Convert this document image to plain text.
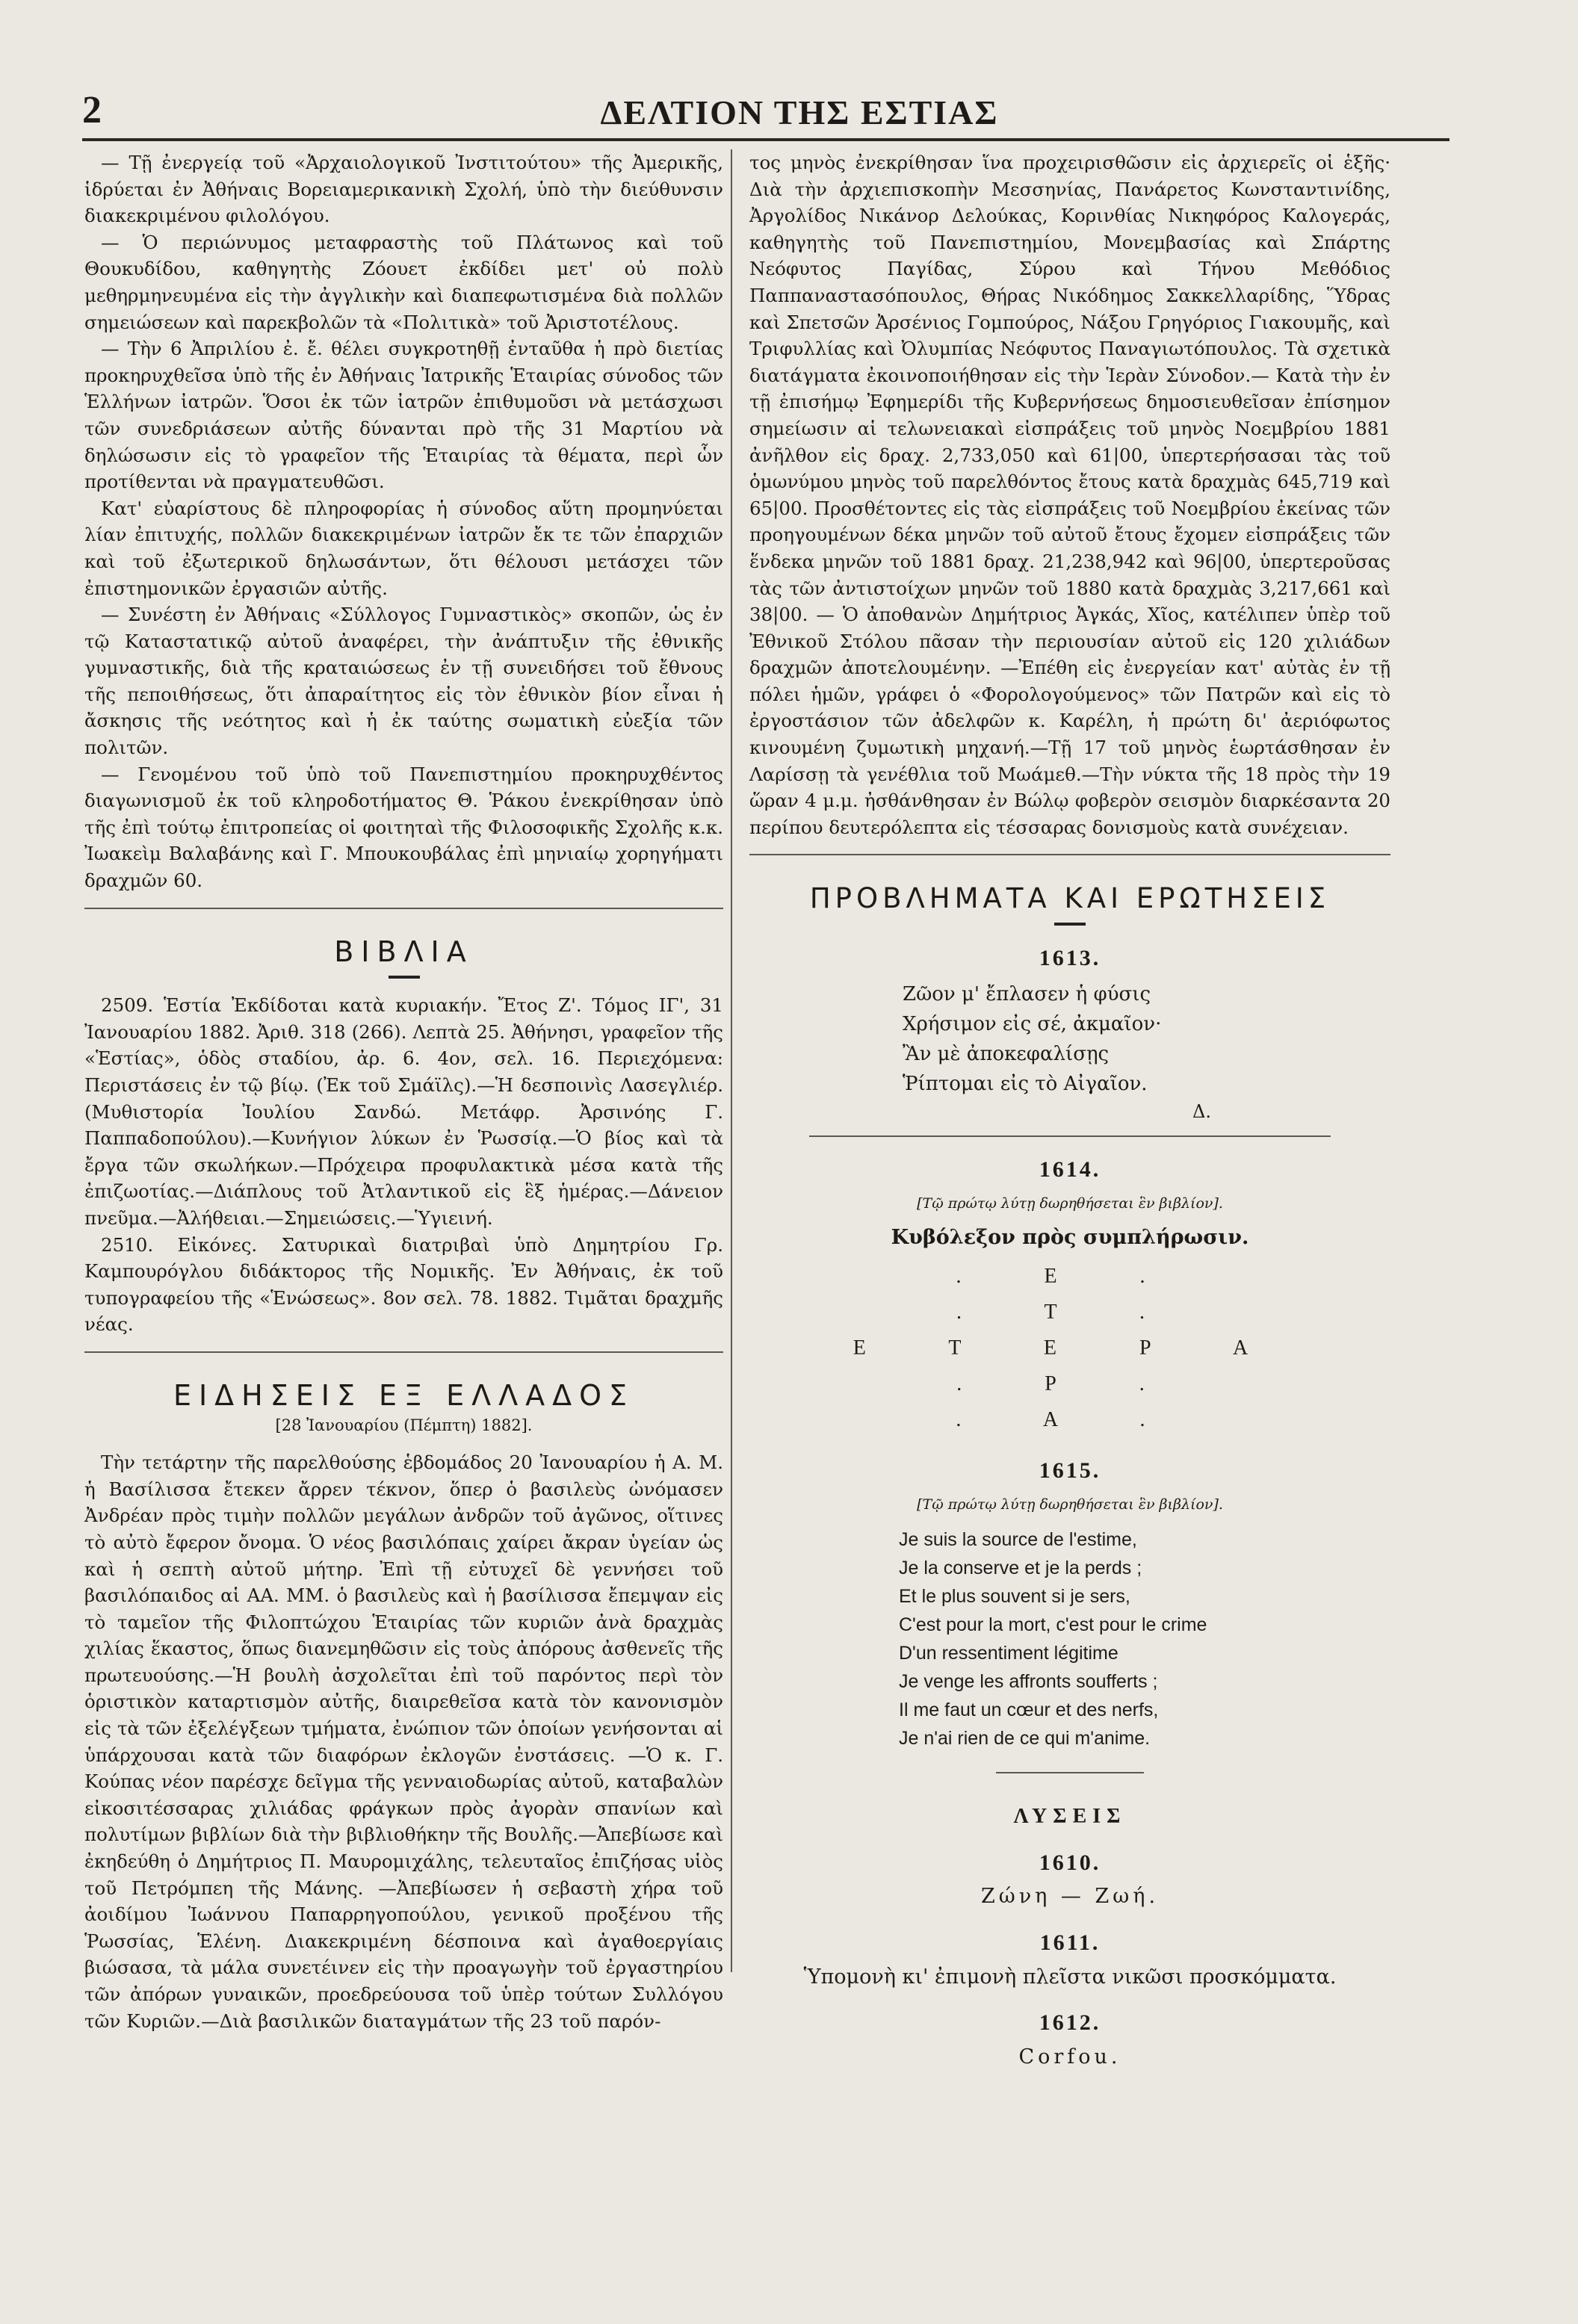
2	ΔΕΛΤΙΟΝ ΤΗΣ ΕΣΤΙΑΣ

— Τῇ ἐνεργείᾳ τοῦ «Ἀρχαιολογικοῦ Ἰνστιτούτου» τῆς Ἀμερικῆς, ἱδρύεται ἐν Ἀθήναις Βορειαμερικανικὴ Σχολή, ὑπὸ τὴν διεύθυνσιν διακεκριμένου φιλολόγου.

— Ὁ περιώνυμος μεταφραστὴς τοῦ Πλάτωνος καὶ τοῦ Θουκυδίδου, καθηγητὴς Ζόουετ ἐκδίδει μετ' οὐ πολὺ μεθηρμηνευμένα εἰς τὴν ἀγγλικὴν καὶ διαπεφωτισμένα διὰ πολλῶν σημειώσεων καὶ παρεκβολῶν τὰ «Πολιτικὰ» τοῦ Ἀριστοτέλους.

— Τὴν 6 Ἀπριλίου ἐ. ἔ. θέλει συγκροτηθῇ ἐνταῦθα ἡ πρὸ διετίας προκηρυχθεῖσα ὑπὸ τῆς ἐν Ἀθήναις Ἰατρικῆς Ἑταιρίας σύνοδος τῶν Ἑλλήνων ἰατρῶν. Ὅσοι ἐκ τῶν ἰατρῶν ἐπιθυμοῦσι νὰ μετάσχωσι τῶν συνεδριάσεων αὐτῆς δύνανται πρὸ τῆς 31 Μαρτίου νὰ δηλώσωσιν εἰς τὸ γραφεῖον τῆς Ἑταιρίας τὰ θέματα, περὶ ὧν προτίθενται νὰ πραγματευθῶσι.

Κατ' εὐαρίστους δὲ πληροφορίας ἡ σύνοδος αὕτη προμηνύεται λίαν ἐπιτυχής, πολλῶν διακεκριμένων ἰατρῶν ἔκ τε τῶν ἐπαρχιῶν καὶ τοῦ ἐξωτερικοῦ δηλωσάντων, ὅτι θέλουσι μετάσχει τῶν ἐπιστημονικῶν ἐργασιῶν αὐτῆς.

— Συνέστη ἐν Ἀθήναις «Σύλλογος Γυμναστικὸς» σκοπῶν, ὡς ἐν τῷ Καταστατικῷ αὐτοῦ ἀναφέρει, τὴν ἀνάπτυξιν τῆς ἐθνικῆς γυμναστικῆς, διὰ τῆς κραταιώσεως ἐν τῇ συνειδήσει τοῦ ἔθνους τῆς πεποιθήσεως, ὅτι ἀπαραίτητος εἰς τὸν ἐθνικὸν βίον εἶναι ἡ ἄσκησις τῆς νεότητος καὶ ἡ ἐκ ταύτης σωματικὴ εὐεξία τῶν πολιτῶν.

— Γενομένου τοῦ ὑπὸ τοῦ Πανεπιστημίου προκηρυχθέντος διαγωνισμοῦ ἐκ τοῦ κληροδοτήματος Θ. Ῥάκου ἐνεκρίθησαν ὑπὸ τῆς ἐπὶ τούτῳ ἐπιτροπείας οἱ φοιτηταὶ τῆς Φιλοσοφικῆς Σχολῆς κ.κ. Ἰωακεὶμ Βαλαβάνης καὶ Γ. Μπουκουβάλας ἐπὶ μηνιαίῳ χορηγήματι δραχμῶν 60.

ΒΙΒΛΙΑ

2509. Ἑστία Ἐκδίδοται κατὰ κυριακήν. Ἔτος Ζ'. Τόμος ΙΓ', 31 Ἰανουαρίου 1882. Ἀριθ. 318 (266). Λεπτὰ 25. Ἀθήνησι, γραφεῖον τῆς «Ἑστίας», ὁδὸς σταδίου, ἀρ. 6. 4ον, σελ. 16. Περιεχόμενα: Περιστάσεις ἐν τῷ βίῳ. (Ἐκ τοῦ Σμάϊλς).—Ἡ δεσποινὶς Λασεγλιέρ. (Μυθιστορία Ἰουλίου Σανδώ. Μετάφρ. Ἀρσινόης Γ. Παππαδοπούλου).—Κυνήγιον λύκων ἐν Ῥωσσίᾳ.—Ὁ βίος καὶ τὰ ἔργα τῶν σκωλήκων.—Πρόχειρα προφυλακτικὰ μέσα κατὰ τῆς ἐπιζωοτίας.—Διάπλους τοῦ Ἀτλαντικοῦ εἰς ἓξ ἡμέρας.—Δάνειον πνεῦμα.—Ἀλήθειαι.—Σημειώσεις.—Ὑγιεινή.

2510. Εἰκόνες. Σατυρικαὶ διατριβαὶ ὑπὸ Δημητρίου Γρ. Καμπουρόγλου διδάκτορος τῆς Νομικῆς. Ἐν Ἀθήναις, ἐκ τοῦ τυπογραφείου τῆς «Ἑνώσεως». 8ον σελ. 78. 1882. Τιμᾶται δραχμῆς νέας.

ΕΙΔΗΣΕΙΣ ΕΞ ΕΛΛΑΔΟΣ
[28 Ἰανουαρίου (Πέμπτη) 1882].

Τὴν τετάρτην τῆς παρελθούσης ἑβδομάδος 20 Ἰανουαρίου ἡ Α. Μ. ἡ Βασίλισσα ἔτεκεν ἄρρεν τέκνον, ὅπερ ὁ βασιλεὺς ὠνόμασεν Ἀνδρέαν πρὸς τιμὴν πολλῶν μεγάλων ἀνδρῶν τοῦ ἀγῶνος, οἵτινες τὸ αὐτὸ ἔφερον ὄνομα. Ὁ νέος βασιλόπαις χαίρει ἄκραν ὑγείαν ὡς καὶ ἡ σεπτὴ αὐτοῦ μήτηρ. Ἐπὶ τῇ εὐτυχεῖ δὲ γεννήσει τοῦ βασιλόπαιδος αἱ ΑΑ. ΜΜ. ὁ βασιλεὺς καὶ ἡ βασίλισσα ἔπεμψαν εἰς τὸ ταμεῖον τῆς Φιλοπτώχου Ἑταιρίας τῶν κυριῶν ἀνὰ δραχμὰς χιλίας ἕκαστος, ὅπως διανεμηθῶσιν εἰς τοὺς ἀπόρους ἀσθενεῖς τῆς πρωτευούσης.—Ἡ βουλὴ ἀσχολεῖται ἐπὶ τοῦ παρόντος περὶ τὸν ὁριστικὸν καταρτισμὸν αὐτῆς, διαιρεθεῖσα κατὰ τὸν κανονισμὸν εἰς τὰ τῶν ἐξελέγξεων τμήματα, ἐνώπιον τῶν ὁποίων γενήσονται αἱ ὑπάρχουσαι κατὰ τῶν διαφόρων ἐκλογῶν ἐνστάσεις. —Ὁ κ. Γ. Κούπας νέον παρέσχε δεῖγμα τῆς γενναιοδωρίας αὐτοῦ, καταβαλὼν εἰκοσιτέσσαρας χιλιάδας φράγκων πρὸς ἀγορὰν σπανίων καὶ πολυτίμων βιβλίων διὰ τὴν βιβλιοθήκην τῆς Βουλῆς.—Ἀπεβίωσε καὶ ἐκηδεύθη ὁ Δημήτριος Π. Μαυρομιχάλης, τελευταῖος ἐπιζήσας υἱὸς τοῦ Πετρόμπεη τῆς Μάνης. —Ἀπεβίωσεν ἡ σεβαστὴ χήρα τοῦ ἀοιδίμου Ἰωάννου Παπαρρηγοπούλου, γενικοῦ προξένου τῆς Ῥωσσίας, Ἑλένη. Διακεκριμένη δέσποινα καὶ ἀγαθοεργίαις βιώσασα, τὰ μάλα συνετέινεν εἰς τὴν προαγωγὴν τοῦ ἐργαστηρίου τῶν ἀπόρων γυναικῶν, προεδρεύουσα τοῦ ὑπὲρ τούτων Συλλόγου τῶν Κυριῶν.—Διὰ βασιλικῶν διαταγμάτων τῆς 23 τοῦ παρόν-

τος μηνὸς ἐνεκρίθησαν ἵνα προχειρισθῶσιν εἰς ἀρχιερεῖς οἱ ἑξῆς· Διὰ τὴν ἀρχιεπισκοπὴν Μεσσηνίας, Πανάρετος Κωνσταντινίδης, Ἀργολίδος Νικάνορ Δελούκας, Κορινθίας Νικηφόρος Καλογεράς, καθηγητὴς τοῦ Πανεπιστημίου, Μονεμβασίας καὶ Σπάρτης Νεόφυτος Παγίδας, Σύρου καὶ Τήνου Μεθόδιος Παππαναστασόπουλος, Θήρας Νικόδημος Σακκελλαρίδης, Ὕδρας καὶ Σπετσῶν Ἀρσένιος Γομπούρος, Νάξου Γρηγόριος Γιακουμῆς, καὶ Τριφυλλίας καὶ Ὀλυμπίας Νεόφυτος Παναγιωτόπουλος. Τὰ σχετικὰ διατάγματα ἐκοινοποιήθησαν εἰς τὴν Ἱερὰν Σύνοδον.— Κατὰ τὴν ἐν τῇ ἐπισήμῳ Ἐφημερίδι τῆς Κυβερνήσεως δημοσιευθεῖσαν ἐπίσημον σημείωσιν αἱ τελωνειακαὶ εἰσπράξεις τοῦ μηνὸς Νοεμβρίου 1881 ἀνῆλθον εἰς δραχ. 2,733,050 καὶ 61|00, ὑπερτερήσασαι τὰς τοῦ ὁμωνύμου μηνὸς τοῦ παρελθόντος ἔτους κατὰ δραχμὰς 645,719 καὶ 65|00. Προσθέτοντες εἰς τὰς εἰσπράξεις τοῦ Νοεμβρίου ἐκείνας τῶν προηγουμένων δέκα μηνῶν τοῦ αὐτοῦ ἔτους ἔχομεν εἰσπράξεις τῶν ἕνδεκα μηνῶν τοῦ 1881 δραχ. 21,238,942 καὶ 96|00, ὑπερτεροῦσας τὰς τῶν ἀντιστοίχων μηνῶν τοῦ 1880 κατὰ δραχμὰς 3,217,661 καὶ 38|00. — Ὁ ἀποθανὼν Δημήτριος Ἀγκάς, Χῖος, κατέλιπεν ὑπὲρ τοῦ Ἐθνικοῦ Στόλου πᾶσαν τὴν περιουσίαν αὐτοῦ εἰς 120 χιλιάδων δραχμῶν ἀποτελουμένην. —Ἐπέθη εἰς ἐνεργείαν κατ' αὐτὰς ἐν τῇ πόλει ἡμῶν, γράφει ὁ «Φορολογούμενος» τῶν Πατρῶν καὶ εἰς τὸ ἐργοστάσιον τῶν ἀδελφῶν κ. Καρέλη, ἡ πρώτη δι' ἀεριόφωτος κινουμένη ζυμωτικὴ μηχανή.—Τῇ 17 τοῦ μηνὸς ἑωρτάσθησαν ἐν Λαρίσσῃ τὰ γενέθλια τοῦ Μωάμεθ.—Τὴν νύκτα τῆς 18 πρὸς τὴν 19 ὥραν 4 μ.μ. ἠσθάνθησαν ἐν Βώλῳ φοβερὸν σεισμὸν διαρκέσαντα 20 περίπου δευτερόλεπτα εἰς τέσσαρας δονισμοὺς κατὰ συνέχειαν.

ΠΡΟΒΛΗΜΑΤΑ ΚΑΙ ΕΡΩΤΗΣΕΙΣ
1613.
Ζῶον μ' ἔπλασεν ἡ φύσις
Χρήσιμον εἰς σέ, ἀκμαῖον·
Ἂν μὲ ἀποκεφαλίσῃς
Ῥίπτομαι εἰς τὸ Αἰγαῖον.
Δ.
1614.
[Τῷ πρώτῳ λύτῃ δωρηθήσεται ἓν βιβλίον].
Κυβόλεξον πρὸς συμπλήρωσιν.
. Ε .
. Τ .
Ε Τ Ε Ρ Α
. Ρ .
. Α .
1615.
[Τῷ πρώτῳ λύτῃ δωρηθήσεται ἓν βιβλίον].
Je suis la source de l'estime,
Je la conserve et je la perds ;
Et le plus souvent si je sers,
C'est pour la mort, c'est pour le crime
D'un ressentiment légitime
Je venge les affronts soufferts ;
Il me faut un cœur et des nerfs,
Je n'ai rien de ce qui m'anime.
ΛΥΣΕΙΣ
1610.
Ζώνη — Ζωή.
1611.
Ὑπομονὴ κι' ἐπιμονὴ πλεῖστα νικῶσι προσκόμματα.
1612.
Corfou.
